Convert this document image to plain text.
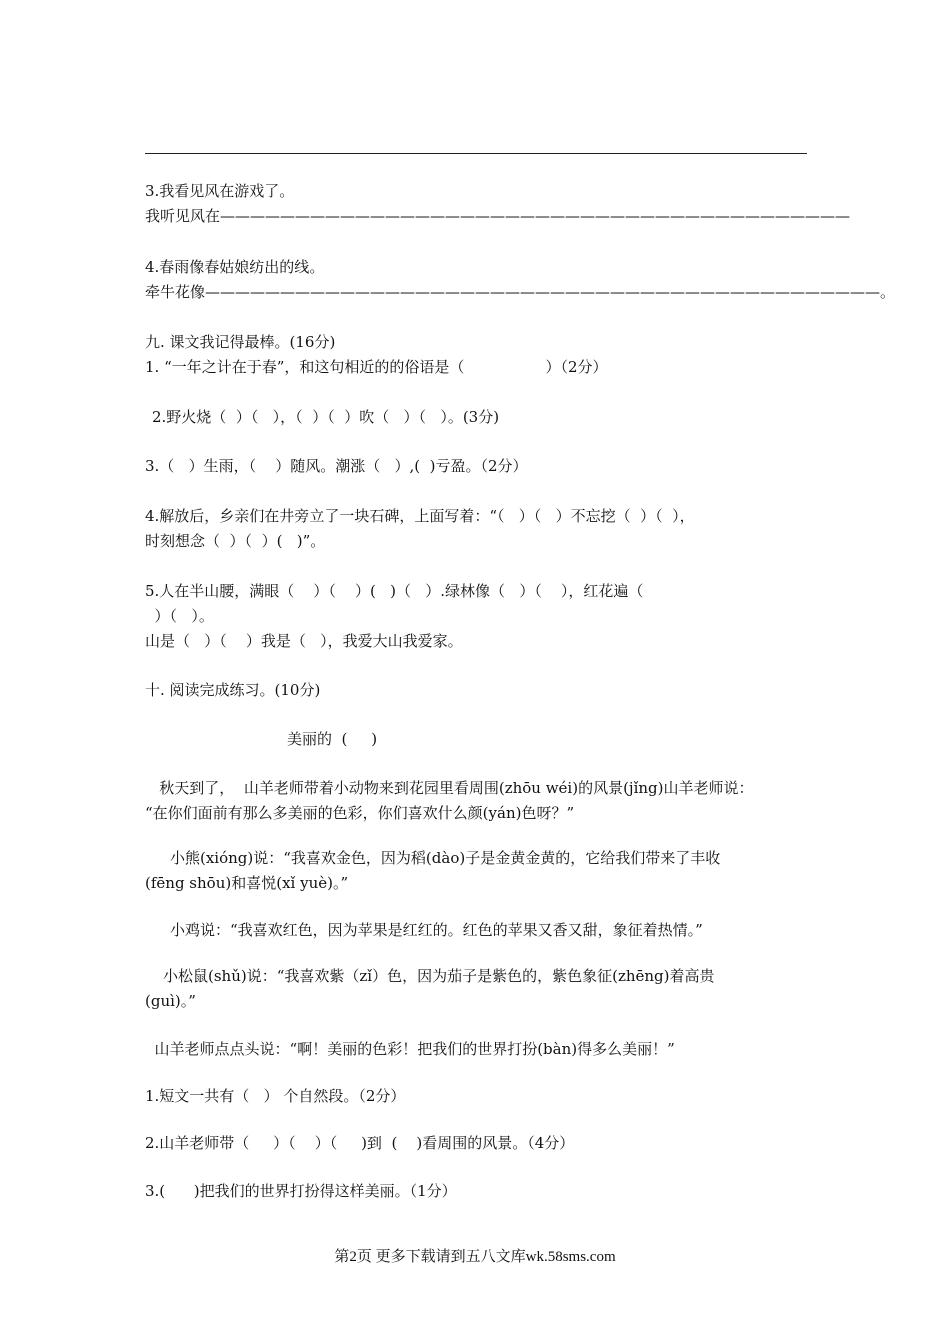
3.我看见风在游戏了。
我听见风在——————————————————————————————————————————
4.春雨像春姑娘纺出的线。
牵牛花像—————————————————————————————————————————————。
九. 课文我记得最棒。(16分)
1. “一年之计在于春”，和这句相近的的俗语是（                 ）（2分）
2.野火烧（  ）（   ），（  ）（  ）吹（   ）（   ）。(3分)
3.（   ）生雨，（    ）随风。潮涨（   ）,(  )亏盈。（2分）
4.解放后，乡亲们在井旁立了一块石碑，上面写着：“（   ）（   ）不忘挖（  ）（  ），
时刻想念（  ）（  ）(   )”。
5.人在半山腰，满眼（    ）（    ）(   )（   ）.绿林像（   ）（    ），红花遍（
）（   ）。
山是（   ）（    ）我是（   ），我爱大山我爱家。
十. 阅读完成练习。(10分)
美丽的  (     )
秋天到了，  山羊老师带着小动物来到花园里看周围(zhōu wéi)的风景(jǐng)山羊老师说：
“在你们面前有那么多美丽的色彩，你们喜欢什么颜(yán)色呀？”
小熊(xióng)说：“我喜欢金色，因为稻(dào)子是金黄金黄的，它给我们带来了丰收
(fēng shōu)和喜悦(xǐ yuè)。”
小鸡说：“我喜欢红色，因为苹果是红红的。红色的苹果又香又甜，象征着热情。”
小松鼠(shǔ)说：“我喜欢紫（zǐ）色，因为茄子是紫色的，紫色象征(zhēng)着高贵
(guì)。”
山羊老师点点头说：“啊！美丽的色彩！把我们的世界打扮(bàn)得多么美丽！”
1.短文一共有（   ） 个自然段。（2分）
2.山羊老师带（     ）（    ）（     )到  (    )看周围的风景。（4分）
3.(      )把我们的世界打扮得这样美丽。（1分）
第2页 更多下载请到五八文库wk.58sms.com
